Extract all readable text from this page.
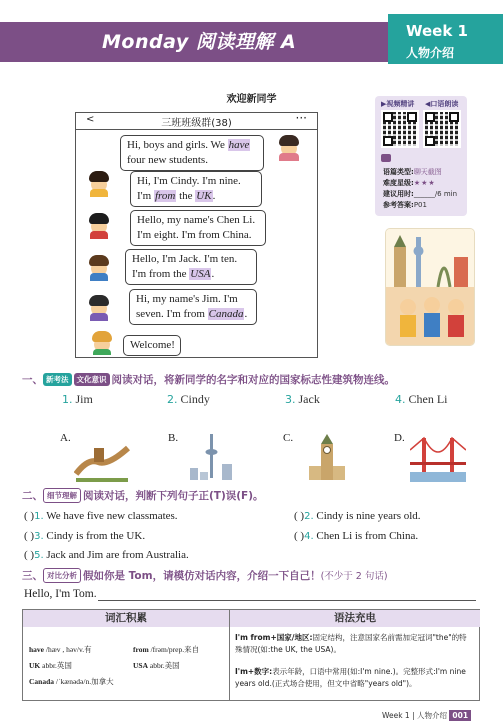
Monday 阅读理解 A	Week 1
人物介绍
欢迎新同学
<	三班班级群(38)	···
Hi, boys and girls. We have
four new students.
Hi, I'm Cindy. I'm nine.
I'm from the UK.
Hello, my name's Chen Li.
I'm eight. I'm from China.
Hello, I'm Jack. I'm ten.
I'm from the USA.
Hi, my name's Jim. I'm
seven. I'm from Canada.
Welcome!
▶视频精讲 ◀口语朗读
语篇类型:聊天截图
难度星级:★★★
建议用时:______/6 min
参考答案:P01
一、 新考法 文化意识 阅读对话，将新同学的名字和对应的国家标志性建筑物连线。
1. Jim	2. Cindy	3. Jack	4. Chen Li
A.	B.	C.	D.
二、 细节理解 阅读对话，判断下列句子正(T)误(F)。
( )1. We have five new classmates.	( )2. Cindy is nine years old.
( )3. Cindy is from the UK.	( )4. Chen Li is from China.
( )5. Jack and Jim are from Australia.
三、 对比分析 假如你是 Tom，请模仿对话内容，介绍一下自己！(不少于 2 句话)
Hello, I'm Tom.
词汇积累	语法充电
have /hæv , həv/v.有	from /frəm/prep.来自
UK abbr.英国	USA abbr.美国
Canada /ˈkænədə/n.加拿大
I'm from+国家/地区:固定结构，注意国家名前需加定冠词"the"的特殊情况(如:the UK, the USA)。
I'm+数字:表示年龄，口语中常用(如:I'm nine.)。完整形式:I'm nine years old.(正式场合使用，但文中省略"years old")。
Week 1 | 人物介绍 001
